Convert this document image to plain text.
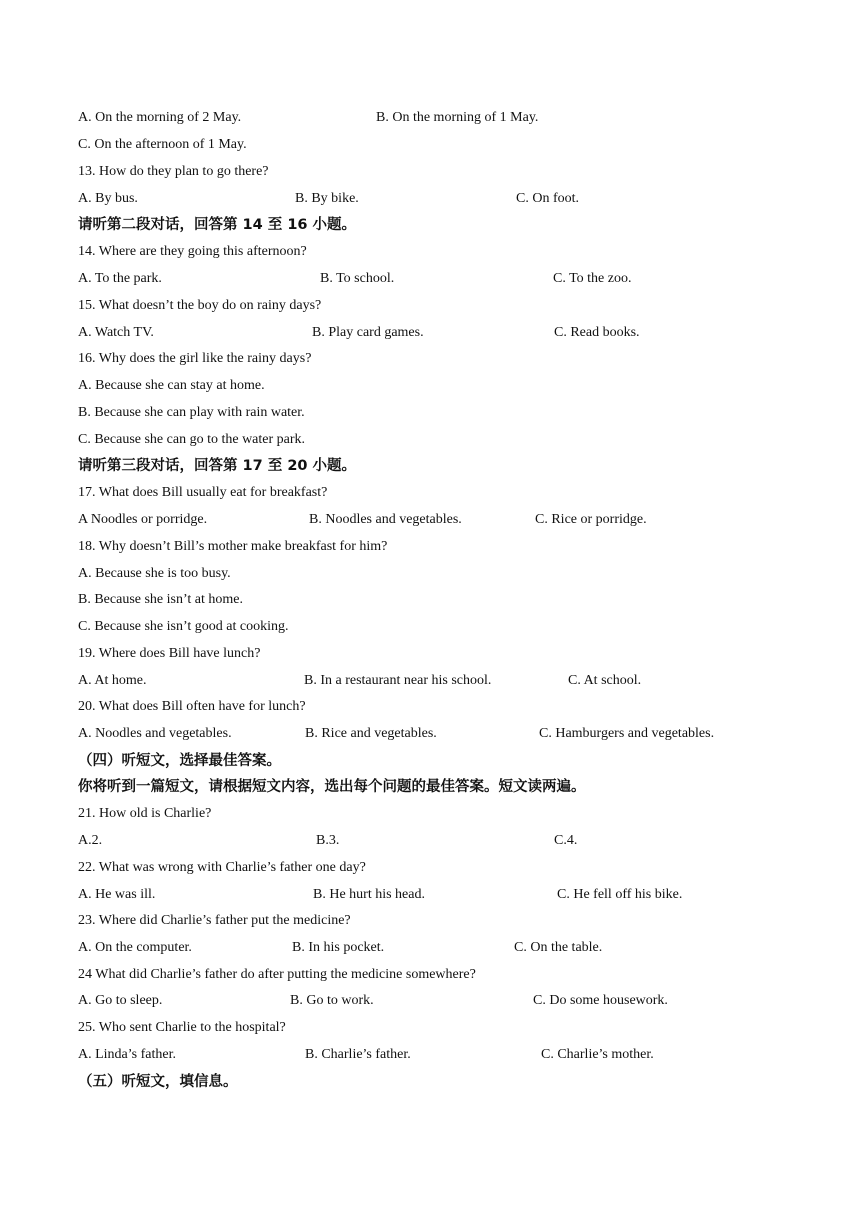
A. On the morning of 2 May.	B. On the morning of 1 May.
C. On the afternoon of 1 May.
13. How do they plan to go there?
A. By bus.	B. By bike.	C. On foot.
请听第二段对话，回答第 14 至 16 小题。
14. Where are they going this afternoon?
A. To the park.	B. To school.	C. To the zoo.
15. What doesn’t the boy do on rainy days?
A. Watch TV.	B. Play card games.	C. Read books.
16. Why does the girl like the rainy days?
A. Because she can stay at home.
B. Because she can play with rain water.
C. Because she can go to the water park.
请听第三段对话，回答第 17 至 20 小题。
17. What does Bill usually eat for breakfast?
A Noodles or porridge.	B. Noodles and vegetables.	C. Rice or porridge.
18. Why doesn’t Bill’s mother make breakfast for him?
A. Because she is too busy.
B. Because she isn’t at home.
C. Because she isn’t good at cooking.
19. Where does Bill have lunch?
A. At home.	B. In a restaurant near his school.	C. At school.
20. What does Bill often have for lunch?
A. Noodles and vegetables.	B. Rice and vegetables.	C. Hamburgers and vegetables.
（四）听短文，选择最佳答案。
你将听到一篇短文，请根据短文内容，选出每个问题的最佳答案。短文读两遍。
21. How old is Charlie?
A.2.	B.3.	C.4.
22. What was wrong with Charlie’s father one day?
A. He was ill.	B. He hurt his head.	C. He fell off his bike.
23. Where did Charlie’s father put the medicine?
A. On the computer.	B. In his pocket.	C. On the table.
24 What did Charlie’s father do after putting the medicine somewhere?
A. Go to sleep.	B. Go to work.	C. Do some housework.
25. Who sent Charlie to the hospital?
A. Linda’s father.	B. Charlie’s father.	C. Charlie’s mother.
（五）听短文，填信息。
